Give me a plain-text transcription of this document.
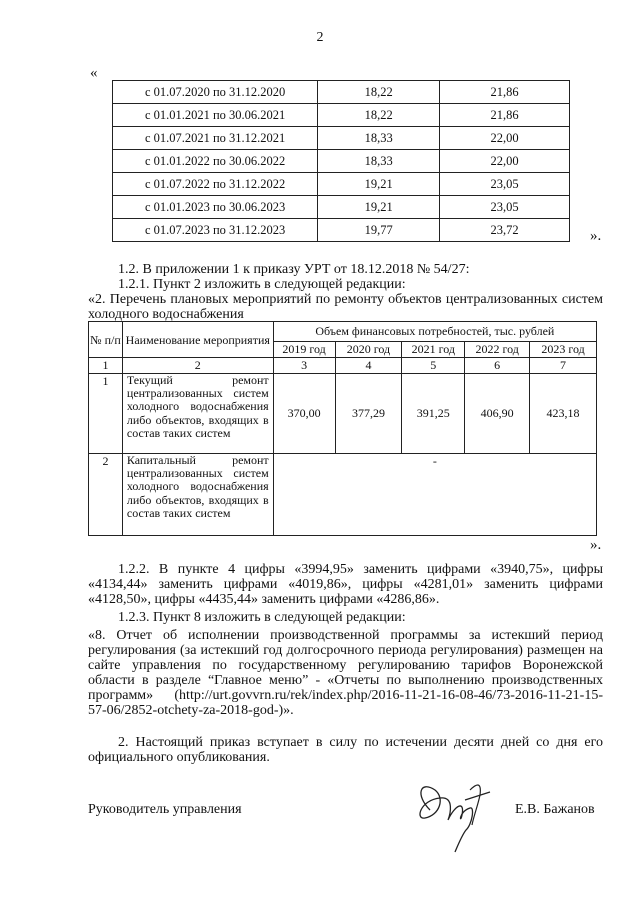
2
«
с 01.07.2020 по 31.12.2020	18,22	21,86
с 01.01.2021 по 30.06.2021	18,22	21,86
с 01.07.2021 по 31.12.2021	18,33	22,00
с 01.01.2022 по 30.06.2022	18,33	22,00
с 01.07.2022 по 31.12.2022	19,21	23,05
с 01.01.2023 по 30.06.2023	19,21	23,05
с 01.07.2023 по 31.12.2023	19,77	23,72	».
1.2. В приложении 1 к приказу УРТ от 18.12.2018 № 54/27:
1.2.1. Пункт 2 изложить в следующей редакции:
«2. Перечень плановых мероприятий по ремонту объектов централизованных систем холодного водоснабжения
№ п/п	Наименование мероприятия	Объем финансовых потребностей, тыс. рублей				
		2019 год	2020 год	2021 год	2022 год	2023 год
1	2	3	4	5	6	7
1	Текущий ремонт централизованных систем холодного водоснабжения либо объектов, входящих в состав таких систем	370,00	377,29	391,25	406,90	423,18
2	Капитальный ремонт централизованных систем холодного водоснабжения либо объектов, входящих в состав таких систем	-				
».
1.2.2. В пункте 4 цифры «3994,95» заменить цифрами «3940,75», цифры «4134,44» заменить цифрами «4019,86», цифры «4281,01» заменить цифрами «4128,50», цифры «4435,44» заменить цифрами «4286,86».
1.2.3. Пункт 8 изложить в следующей редакции:
«8. Отчет об исполнении производственной программы за истекший период регулирования (за истекший год долгосрочного периода регулирования) размещен на сайте управления по государственному регулированию тарифов Воронежской области в разделе “Главное меню” - «Отчеты по выполнению производственных программ» (http://urt.govvrn.ru/rek/index.php/2016-11-21-16-08-46/73-2016-11-21-15-57-06/2852-otchety-za-2018-god-)».
2. Настоящий приказ вступает в силу по истечении десяти дней со дня его официального опубликования.
Руководитель управления	Е.В. Бажанов
